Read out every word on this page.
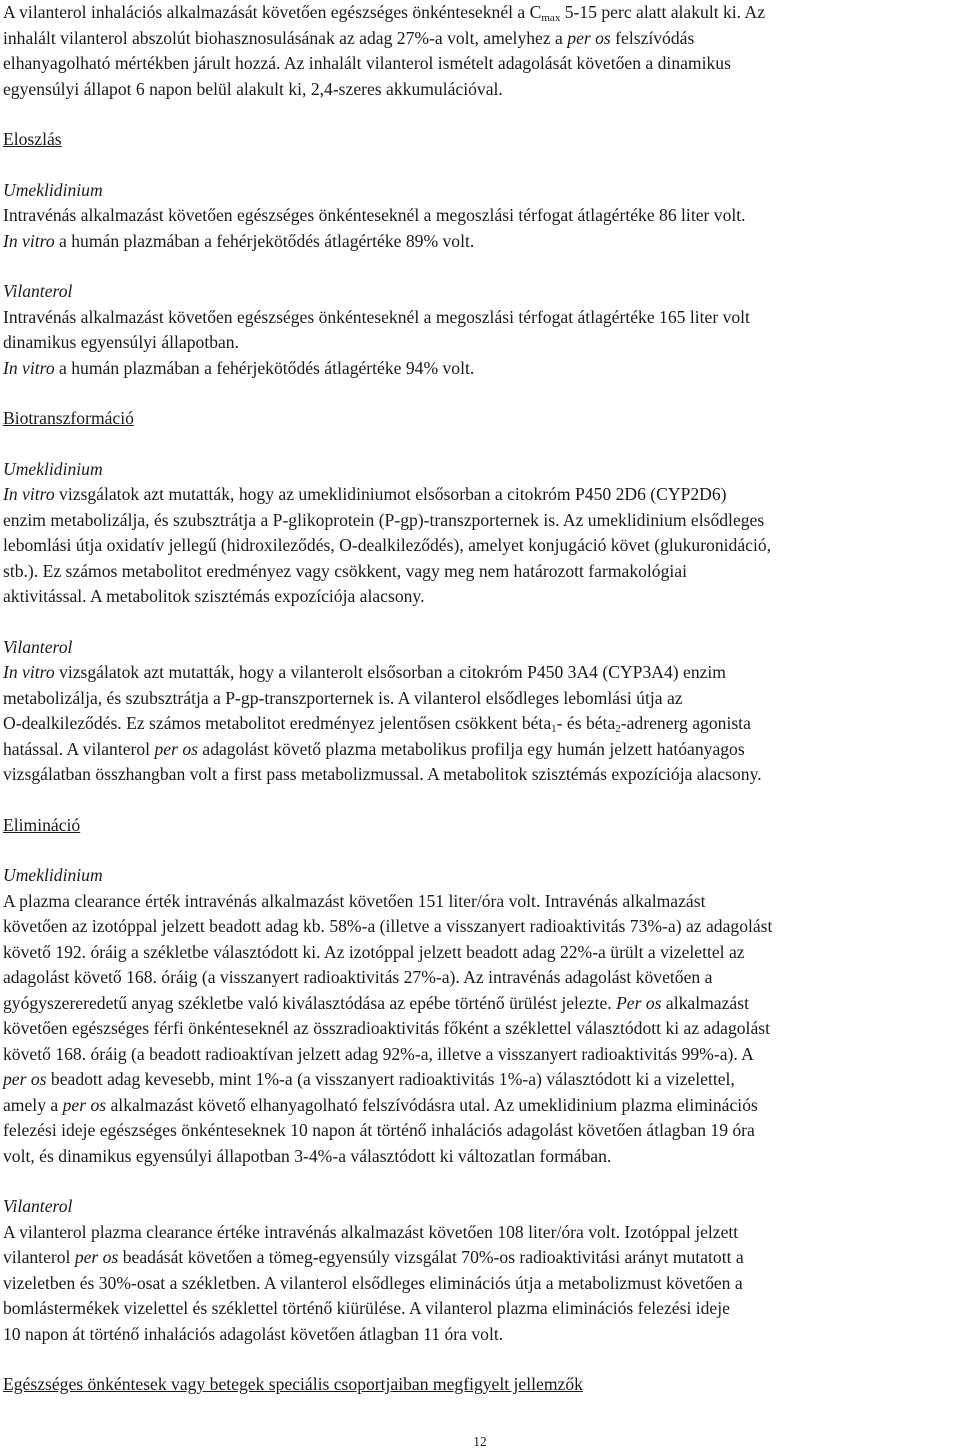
A vilanterol inhalációs alkalmazását követően egészséges önkénteseknél a $C_{max}$ 5-15 perc alatt alakult ki. Az

inhalált vilanterol abszolút biohasznosulásának az adag 27%-a volt, amelyhez a per os felszívódás

elhanyagolható mértékben járult hozzá. Az inhalált vilanterol ismételt adagolását követően a dinamikus

egyensúlyi állapot 6 napon belül alakult ki, 2,4-szeres akkumulációval.

Eloszlás

Umeklidinium

Intravénás alkalmazást követően egészséges önkénteseknél a megoszlási térfogat átlagértéke 86 liter volt.

In vitro a humán plazmában a fehérjekötődés átlagértéke 89% volt.

Vilanterol

Intravénás alkalmazást követően egészséges önkénteseknél a megoszlási térfogat átlagértéke 165 liter volt

dinamikus egyensúlyi állapotban.

In vitro a humán plazmában a fehérjekötődés átlagértéke 94% volt.

Biotranszformáció

Umeklidinium

In vitro vizsgálatok azt mutatták, hogy az umeklidiniumot elsősorban a citokróm P450 2D6 (CYP2D6)

enzim metabolizálja, és szubsztrátja a P-glikoprotein (P-gp)-transzporternek is. Az umeklidinium elsődleges

lebomlási útja oxidatív jellegű (hidroxileződés, O-dealkileződés), amelyet konjugáció követ (glukuronidáció,

stb.). Ez számos metabolitot eredményez vagy csökkent, vagy meg nem határozott farmakológiai

aktivitással. A metabolitok szisztémás expozíciója alacsony.

Vilanterol

In vitro vizsgálatok azt mutatták, hogy a vilanterolt elsősorban a citokróm P450 3A4 (CYP3A4) enzim

metabolizálja, és szubsztrátja a P-gp-transzporternek is. A vilanterol elsődleges lebomlási útja az

O-dealkileződés. Ez számos metabolitot eredményez jelentősen csökkent béta$_1$- és béta$_2$-adrenerg agonista

hatással. A vilanterol per os adagolást követő plazma metabolikus profilja egy humán jelzett hatóanyagos

vizsgálatban összhangban volt a first pass metabolizmussal. A metabolitok szisztémás expozíciója alacsony.

Elimináció

Umeklidinium

A plazma clearance érték intravénás alkalmazást követően 151 liter/óra volt. Intravénás alkalmazást

követően az izotóppal jelzett beadott adag kb. 58%-a (illetve a visszanyert radioaktivitás 73%-a) az adagolást

követő 192. óráig a székletbe választódott ki. Az izotóppal jelzett beadott adag 22%-a ürült a vizelettel az

adagolást követő 168. óráig (a visszanyert radioaktivitás 27%-a). Az intravénás adagolást követően a

gyógyszereredetű anyag székletbe való kiválasztódása az epébe történő ürülést jelezte. Per os alkalmazást

követően egészséges férfi önkénteseknél az összradioaktivitás főként a széklettel választódott ki az adagolást

követő 168. óráig (a beadott radioaktívan jelzett adag 92%-a, illetve a visszanyert radioaktivitás 99%-a). A

per os beadott adag kevesebb, mint 1%-a (a visszanyert radioaktivitás 1%-a) választódott ki a vizelettel,

amely a per os alkalmazást követő elhanyagolható felszívódásra utal. Az umeklidinium plazma eliminációs

felezési ideje egészséges önkénteseknek 10 napon át történő inhalációs adagolást követően átlagban 19 óra

volt, és dinamikus egyensúlyi állapotban 3-4%-a választódott ki változatlan formában.

Vilanterol

A vilanterol plazma clearance értéke intravénás alkalmazást követően 108 liter/óra volt. Izotóppal jelzett

vilanterol per os beadását követően a tömeg-egyensúly vizsgálat 70%-os radioaktivitási arányt mutatott a

vizeletben és 30%-osat a székletben. A vilanterol elsődleges eliminációs útja a metabolizmust követően a

bomlástermékek vizelettel és széklettel történő kiürülése. A vilanterol plazma eliminációs felezési ideje

10 napon át történő inhalációs adagolást követően átlagban 11 óra volt.

Egészséges önkéntesek vagy betegek speciális csoportjaiban megfigyelt jellemzők

12
